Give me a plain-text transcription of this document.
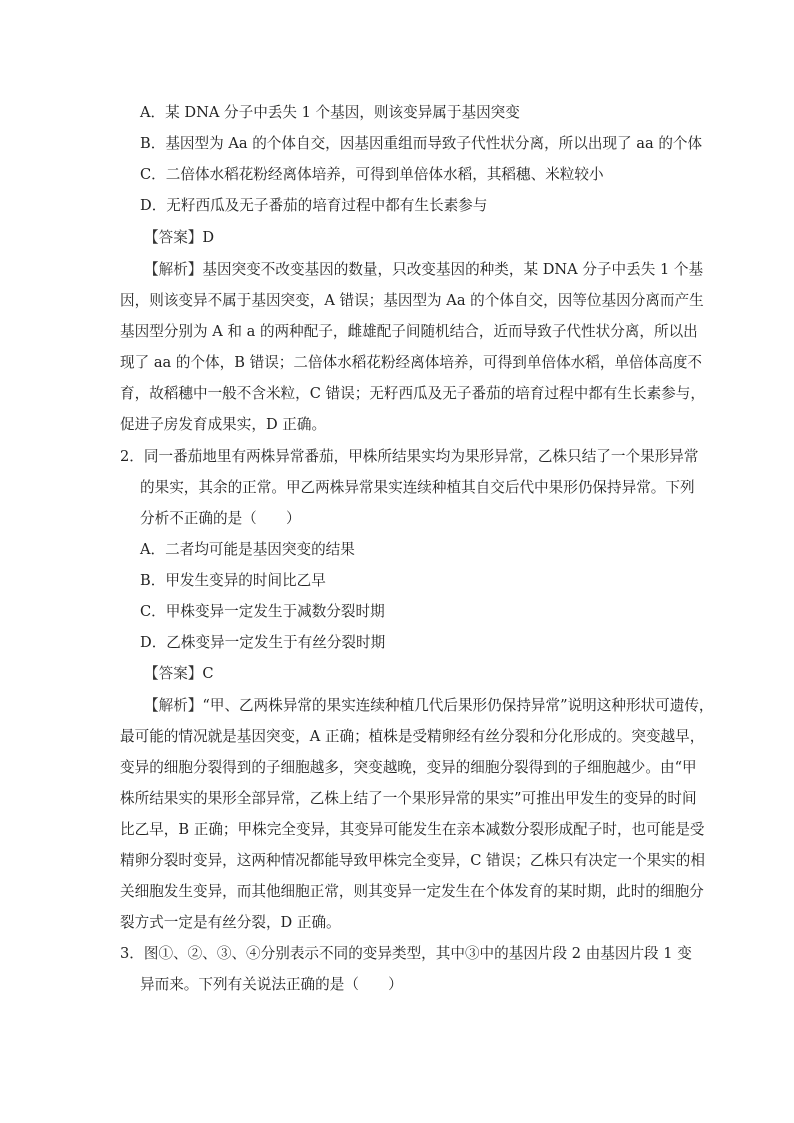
A．某 DNA 分子中丢失 1 个基因，则该变异属于基因突变
B．基因型为 Aa 的个体自交，因基因重组而导致子代性状分离，所以出现了 aa 的个体
C．二倍体水稻花粉经离体培养，可得到单倍体水稻，其稻穗、米粒较小
D．无籽西瓜及无子番茄的培育过程中都有生长素参与
【答案】D
【解析】基因突变不改变基因的数量，只改变基因的种类，某 DNA 分子中丢失 1 个基
因，则该变异不属于基因突变，A 错误；基因型为 Aa 的个体自交，因等位基因分离而产生
基因型分别为 A 和 a 的两种配子，雌雄配子间随机结合，近而导致子代性状分离，所以出
现了 aa 的个体，B 错误；二倍体水稻花粉经离体培养，可得到单倍体水稻，单倍体高度不
育，故稻穗中一般不含米粒，C 错误；无籽西瓜及无子番茄的培育过程中都有生长素参与，
促进子房发育成果实，D 正确。
2．同一番茄地里有两株异常番茄，甲株所结果实均为果形异常，乙株只结了一个果形异常
的果实，其余的正常。甲乙两株异常果实连续种植其自交后代中果形仍保持异常。下列
分析不正确的是（　　）
A．二者均可能是基因突变的结果
B．甲发生变异的时间比乙早
C．甲株变异一定发生于减数分裂时期
D．乙株变异一定发生于有丝分裂时期
【答案】C
【解析】“甲、乙两株异常的果实连续种植几代后果形仍保持异常”说明这种形状可遗传，
最可能的情况就是基因突变，A 正确；植株是受精卵经有丝分裂和分化形成的。突变越早，
变异的细胞分裂得到的子细胞越多，突变越晚，变异的细胞分裂得到的子细胞越少。由“甲
株所结果实的果形全部异常，乙株上结了一个果形异常的果实”可推出甲发生的变异的时间
比乙早，B 正确；甲株完全变异，其变异可能发生在亲本减数分裂形成配子时，也可能是受
精卵分裂时变异，这两种情况都能导致甲株完全变异，C 错误；乙株只有决定一个果实的相
关细胞发生变异，而其他细胞正常，则其变异一定发生在个体发育的某时期，此时的细胞分
裂方式一定是有丝分裂，D 正确。
3．图①、②、③、④分别表示不同的变异类型，其中③中的基因片段 2 由基因片段 1 变
异而来。下列有关说法正确的是（　　）
